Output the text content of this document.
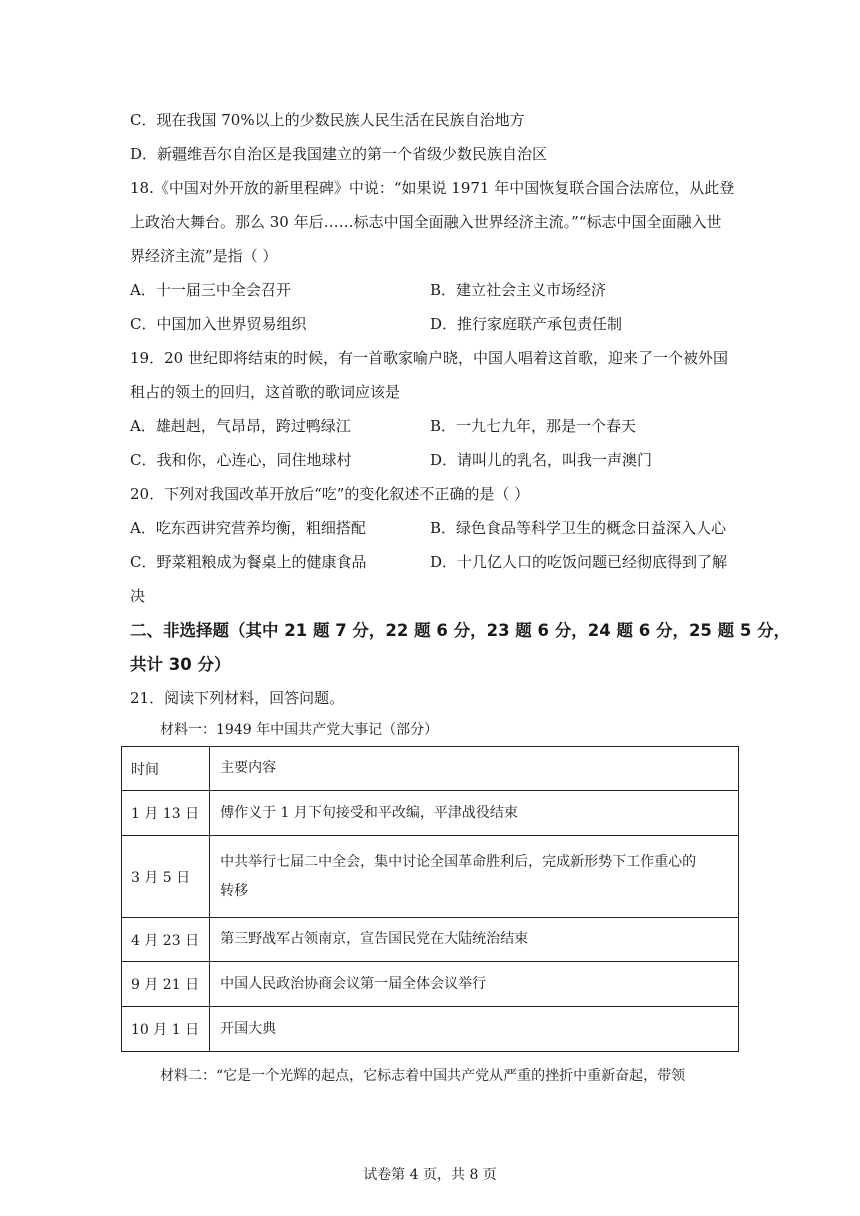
C．现在我国 70%以上的少数民族人民生活在民族自治地方
D．新疆维吾尔自治区是我国建立的第一个省级少数民族自治区
18.《中国对外开放的新里程碑》中说：“如果说 1971 年中国恢复联合国合法席位，从此登
上政治大舞台。那么 30 年后……标志中国全面融入世界经济主流。”“标志中国全面融入世
界经济主流”是指（ ）
A．十一届三中全会召开	B．建立社会主义市场经济
C．中国加入世界贸易组织	D．推行家庭联产承包责任制
19．20 世纪即将结束的时候，有一首歌家喻户晓，中国人唱着这首歌，迎来了一个被外国
租占的领土的回归，这首歌的歌词应该是
A．雄赳赳，气昂昂，跨过鸭绿江	B．一九七九年，那是一个春天
C．我和你，心连心，同住地球村	D．请叫儿的乳名，叫我一声澳门
20．下列对我国改革开放后“吃”的变化叙述不正确的是（ ）
A．吃东西讲究营养均衡，粗细搭配	B．绿色食品等科学卫生的概念日益深入人心
C．野菜粗粮成为餐桌上的健康食品	D．十几亿人口的吃饭问题已经彻底得到了解
决
二、非选择题（其中 21 题 7 分，22 题 6 分，23 题 6 分，24 题 6 分，25 题 5 分，
共计 30 分）
21．阅读下列材料，回答问题。
材料一：1949 年中国共产党大事记（部分）
时间	主要内容
1 月 13 日	傅作义于 1 月下旬接受和平改编，平津战役结束
3 月 5 日	中共举行七届二中全会，集中讨论全国革命胜利后，完成新形势下工作重心的
转移

4 月 23 日	第三野战军占领南京，宣告国民党在大陆统治结束
9 月 21 日	中国人民政治协商会议第一届全体会议举行
10 月 1 日	开国大典
材料二：“它是一个光辉的起点，它标志着中国共产党从严重的挫折中重新奋起，带领
试卷第 4 页，共 8 页
